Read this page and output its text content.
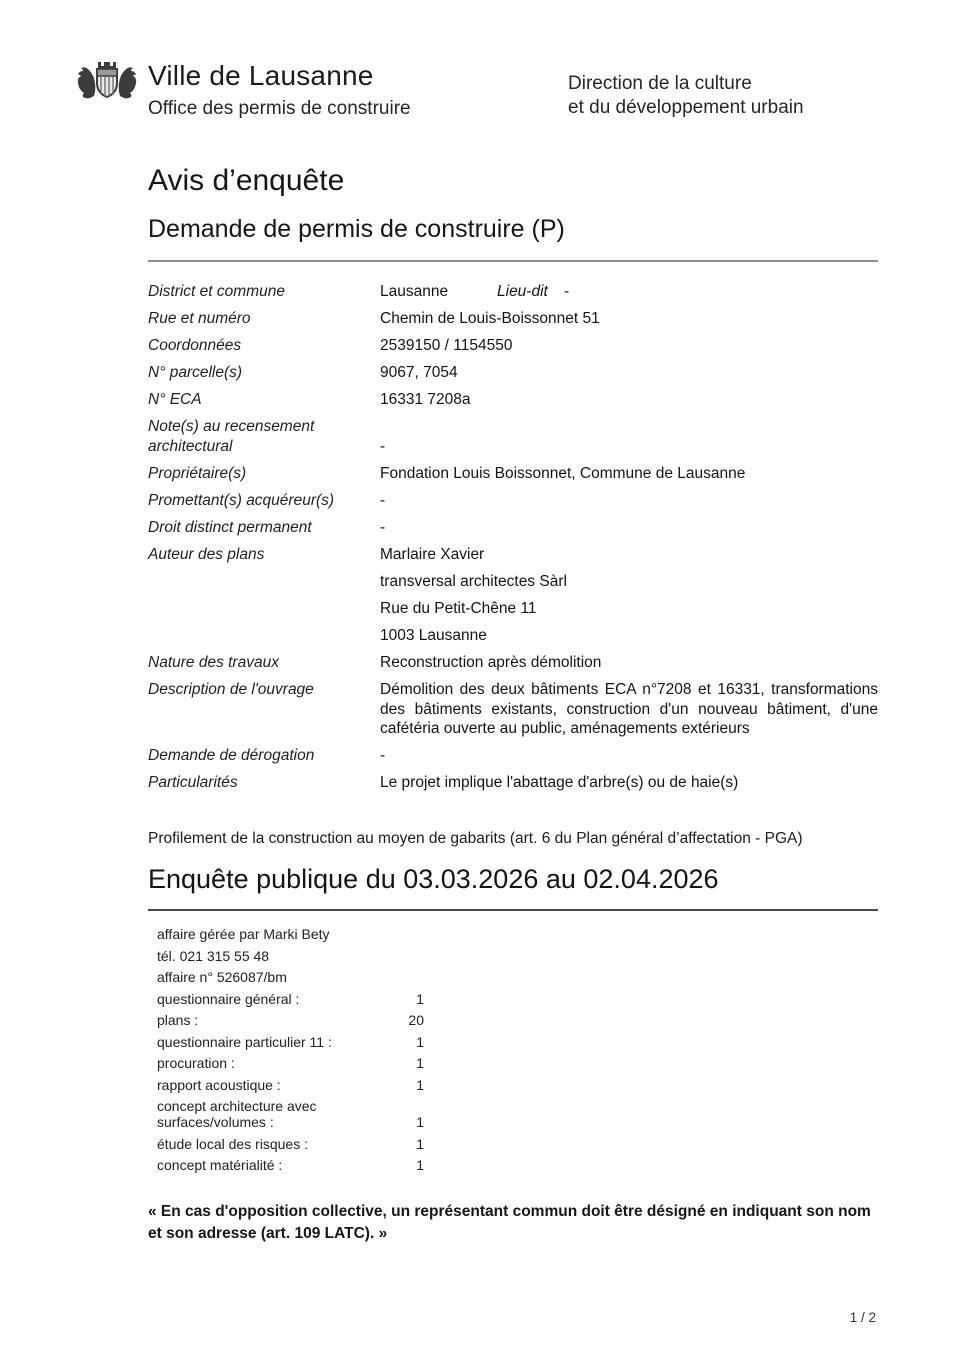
Ville de Lausanne
Office des permis de construire
Direction de la culture
et du développement urbain
Avis d’enquête
Demande de permis de construire (P)
District et commune	Lausanne	Lieu-dit	-
Rue et numéro	Chemin de Louis-Boissonnet 51
Coordonnées	2539150 / 1154550
N° parcelle(s)	9067, 7054
N° ECA	16331 7208a
Note(s) au recensement architectural	-
Propriétaire(s)	Fondation Louis Boissonnet, Commune de Lausanne
Promettant(s) acquéreur(s)	-
Droit distinct permanent	-
Auteur des plans	Marlaire Xavier
transversal architectes Sàrl
Rue du Petit-Chêne 11
1003 Lausanne
Nature des travaux	Reconstruction après démolition
Description de l'ouvrage	Démolition des deux bâtiments ECA n°7208 et 16331, transformations des bâtiments existants, construction d'un nouveau bâtiment, d'une cafétéria ouverte au public, aménagements extérieurs
Demande de dérogation	-
Particularités	Le projet implique l'abattage d'arbre(s) ou de haie(s)
Profilement de la construction au moyen de gabarits (art. 6 du Plan général d’affectation - PGA)
Enquête publique du 03.03.2026 au 02.04.2026
affaire gérée par Marki Bety
tél. 021 315 55 48
affaire n° 526087/bm
questionnaire général :	1
plans :	20
questionnaire particulier 11 :	1
procuration :	1
rapport acoustique :	1
concept architecture avec surfaces/volumes :	1
étude local des risques :	1
concept matérialité :	1
« En cas d'opposition collective, un représentant commun doit être désigné en indiquant son nom et son adresse (art. 109 LATC). »
1 / 2
